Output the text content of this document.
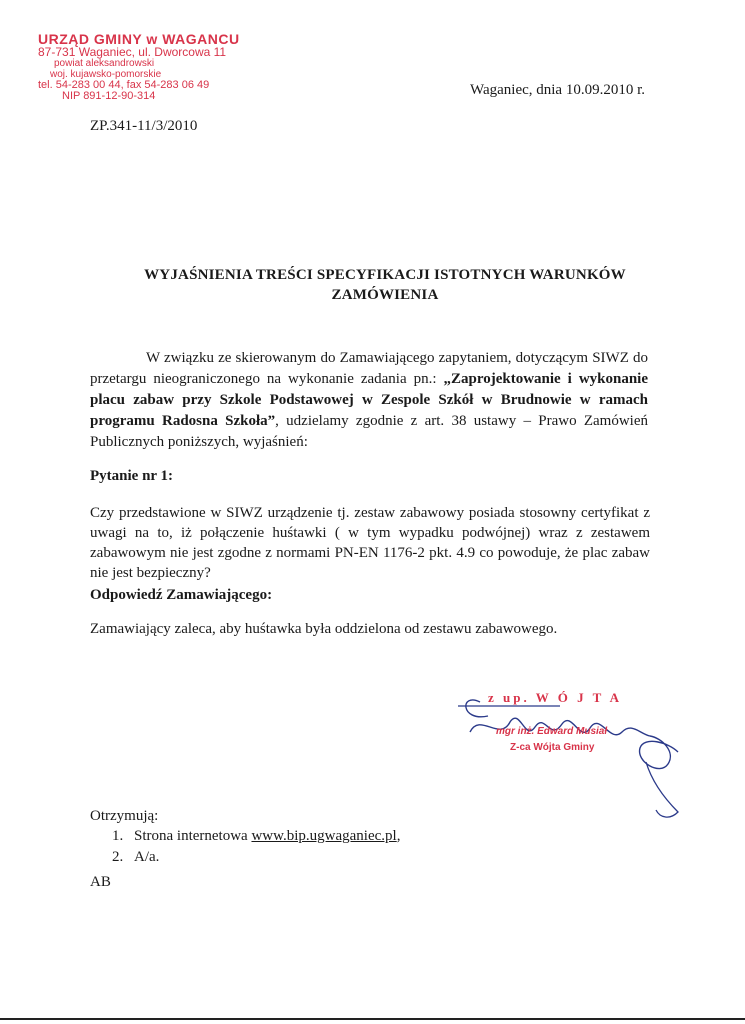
URZĄD GMINY w WAGANCU
87-731 Waganiec, ul. Dworcowa 11
powiat aleksandrowski
woj. kujawsko-pomorskie
tel. 54-283 00 44, fax 54-283 06 49
NIP 891-12-90-314	Waganiec, dnia 10.09.2010 r.
ZP.341-11/3/2010
WYJAŚNIENIA TREŚCI SPECYFIKACJI ISTOTNYCH WARUNKÓW
ZAMÓWIENIA
W związku ze skierowanym do Zamawiającego zapytaniem, dotyczącym SIWZ do przetargu nieograniczonego na wykonanie zadania pn.: „Zaprojektowanie i wykonanie placu zabaw przy Szkole Podstawowej w Zespole Szkół w Brudnowie w ramach programu Radosna Szkoła”, udzielamy zgodnie z art. 38 ustawy – Prawo Zamówień Publicznych poniższych, wyjaśnień:
Pytanie nr 1:
Czy przedstawione w SIWZ urządzenie tj. zestaw zabawowy posiada stosowny certyfikat z uwagi na to, iż połączenie huśtawki ( w tym wypadku podwójnej) wraz z zestawem zabawowym nie jest zgodne z normami PN-EN 1176-2 pkt. 4.9 co powoduje, że plac zabaw nie jest bezpieczny?
Odpowiedź Zamawiającego:
Zamawiający zaleca, aby huśtawka była oddzielona od zestawu zabawowego.
z up. W Ó J T A
mgr inż. Edward Musiał
Z-ca Wójta Gminy
Otrzymują:
1. Strona internetowa www.bip.ugwaganiec.pl,
2. A/a.
AB
